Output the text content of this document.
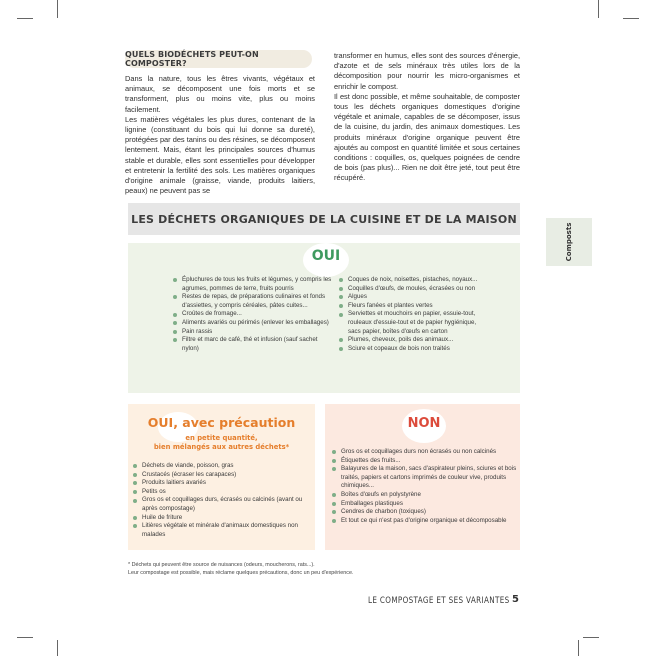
QUELS BIODÉCHETS PEUT-ON COMPOSTER?

Dans la nature, tous les êtres vivants, végétaux et animaux, se décomposent une fois morts et se transforment, plus ou moins vite, plus ou moins facilement.

Les matières végétales les plus dures, contenant de la lignine (constituant du bois qui lui donne sa dureté), protégées par des tanins ou des résines, se décomposent lentement. Mais, étant les principales sources d'humus stable et durable, elles sont essentielles pour développer et entretenir la fertilité des sols. Les matières organiques d'origine animale (graisse, viande, produits laitiers, peaux) ne peuvent pas se

transformer en humus, elles sont des sources d'énergie, d'azote et de sels minéraux très utiles lors de la décomposition pour nourrir les micro-organismes et enrichir le compost.

Il est donc possible, et même souhaitable, de composter tous les déchets organiques domestiques d'origine végétale et animale, capables de se décomposer, issus de la cuisine, du jardin, des animaux domestiques. Les produits minéraux d'origine organique peuvent être ajoutés au compost en quantité limitée et sous certaines conditions : coquilles, os, quelques poignées de cendre de bois (pas plus)... Rien ne doit être jeté, tout peut être récupéré.

Composts
LES DÉCHETS ORGANIQUES DE LA CUISINE ET DE LA MAISON
OUI
Épluchures de tous les fruits et légumes, y compris les agrumes, pommes de terre, fruits pourris
Restes de repas, de préparations culinaires et fonds d'assiettes, y compris céréales, pâtes cuites...
Croûtes de fromage...
Aliments avariés ou périmés (enlever les emballages)
Pain rassis
Filtre et marc de café, thé et infusion (sauf sachet nylon)
Coques de noix, noisettes, pistaches, noyaux...
Coquilles d'œufs, de moules, écrasées ou non
Algues
Fleurs fanées et plantes vertes
Serviettes et mouchoirs en papier, essuie-tout, rouleaux d'essuie-tout et de papier hygiénique, sacs papier, boîtes d'œufs en carton
Plumes, cheveux, poils des animaux...
Sciure et copeaux de bois non traités
OUI, avec précaution
en petite quantité,
bien mélangés aux autres déchets*
Déchets de viande, poisson, gras
Crustacés (écraser les carapaces)
Produits laitiers avariés
Petits os
Gros os et coquillages durs, écrasés ou calcinés (avant ou après compostage)
Huile de friture
Litières végétale et minérale d'animaux domestiques non malades
NON
Gros os et coquillages durs non écrasés ou non calcinés
Étiquettes des fruits...
Balayures de la maison, sacs d'aspirateur pleins, sciures et bois traités, papiers et cartons imprimés de couleur vive, produits chimiques...
Boîtes d'œufs en polystyrène
Emballages plastiques
Cendres de charbon (toxiques)
Et tout ce qui n'est pas d'origine organique et décomposable
* Déchets qui peuvent être source de nuisances (odeurs, moucherons, rats...).
Leur compostage est possible, mais réclame quelques précautions, donc un peu d'expérience.
LE COMPOSTAGE ET SES VARIANTES 5
